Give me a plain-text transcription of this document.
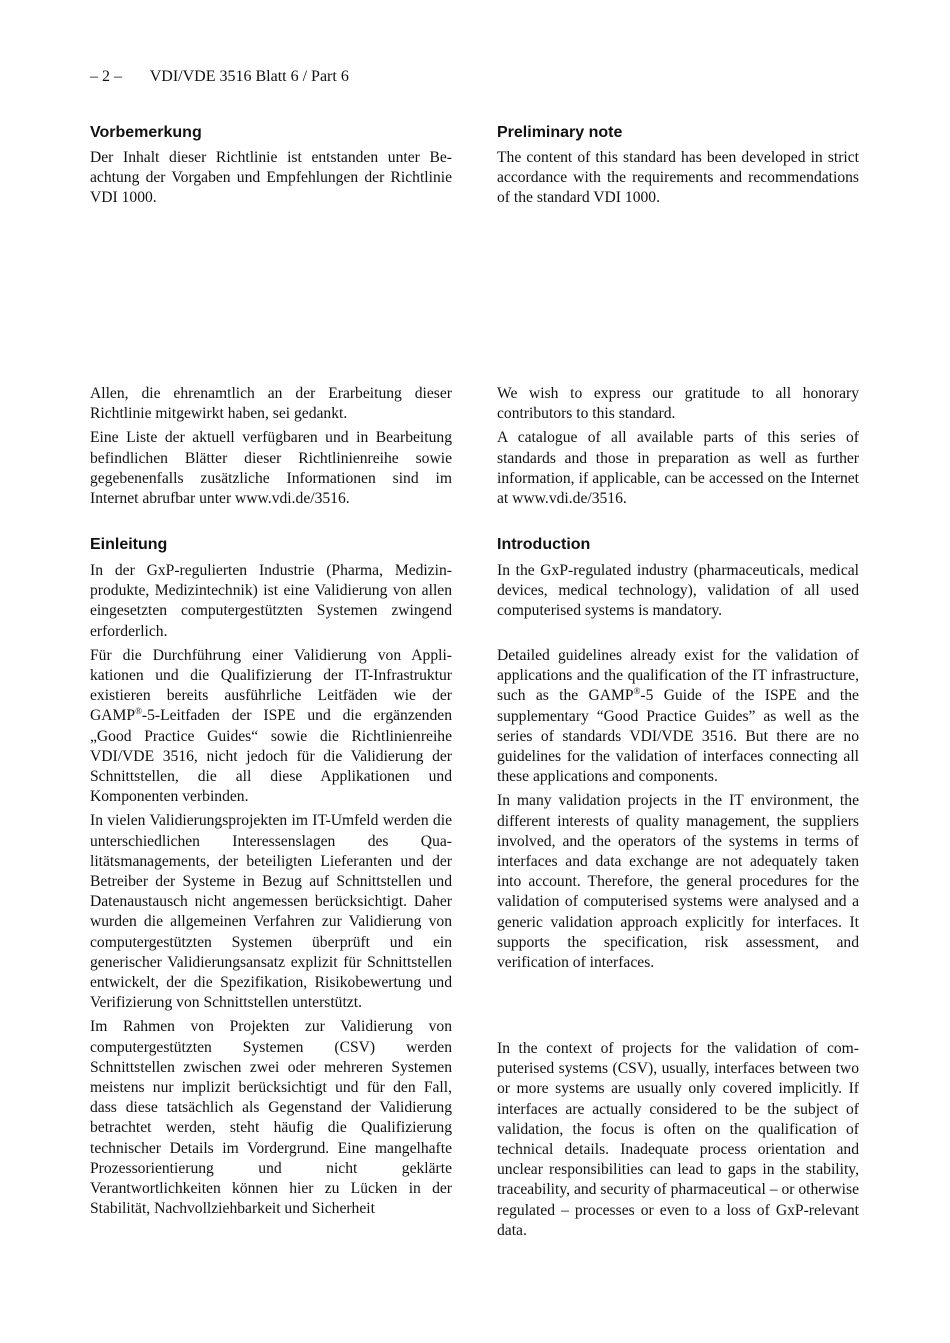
– 2 – VDI/VDE 3516 Blatt 6 / Part 6
Vorbemerkung

Der Inhalt dieser Richtlinie ist entstanden unter Beachtung der Vorgaben und Empfehlungen der Richtlinie VDI 1000.

Allen, die ehrenamtlich an der Erarbeitung dieser Richtlinie mitgewirkt haben, sei gedankt.

Eine Liste der aktuell verfügbaren und in Bearbeitung befindlichen Blätter dieser Richtlinienreihe sowie gegebenenfalls zusätzliche Informationen sind im Internet abrufbar unter www.vdi.de/3516.

Einleitung

In der GxP-regulierten Industrie (Pharma, Medizinprodukte, Medizintechnik) ist eine Validierung von allen eingesetzten computergestützten Systemen zwingend erforderlich.

Für die Durchführung einer Validierung von Applikationen und die Qualifizierung der IT-Infrastruktur existieren bereits ausführliche Leitfäden wie der GAMP®-5-Leitfaden der ISPE und die ergänzenden „Good Practice Guides“ sowie die Richtlinienreihe VDI/VDE 3516, nicht jedoch für die Validierung der Schnittstellen, die all diese Applikationen und Komponenten verbinden.

In vielen Validierungsprojekten im IT-Umfeld werden die unterschiedlichen Interessenslagen des Qualitätsmanagements, der beteiligten Lieferanten und der Betreiber der Systeme in Bezug auf Schnittstellen und Datenaustausch nicht angemessen berücksichtigt. Daher wurden die allgemeinen Verfahren zur Validierung von computergestützten Systemen überprüft und ein generischer Validierungsansatz explizit für Schnittstellen entwickelt, der die Spezifikation, Risikobewertung und Verifizierung von Schnittstellen unterstützt.

Im Rahmen von Projekten zur Validierung von computergestützten Systemen (CSV) werden Schnittstellen zwischen zwei oder mehreren Systemen meistens nur implizit berücksichtigt und für den Fall, dass diese tatsächlich als Gegenstand der Validierung betrachtet werden, steht häufig die Qualifizierung technischer Details im Vordergrund. Eine mangelhafte Prozessorientierung und nicht geklärte Verantwortlichkeiten können hier zu Lücken in der Stabilität, Nachvollziehbarkeit und Sicherheit

Preliminary note

The content of this standard has been developed in strict accordance with the requirements and recommendations of the standard VDI 1000.

We wish to express our gratitude to all honorary contributors to this standard.

A catalogue of all available parts of this series of standards and those in preparation as well as further information, if applicable, can be accessed on the Internet at www.vdi.de/3516.

Introduction

In the GxP-regulated industry (pharmaceuticals, medical devices, medical technology), validation of all used computerised systems is mandatory.

Detailed guidelines already exist for the validation of applications and the qualification of the IT infrastructure, such as the GAMP®-5 Guide of the ISPE and the supplementary “Good Practice Guides” as well as the series of standards VDI/VDE 3516. But there are no guidelines for the validation of interfaces connecting all these applications and components.

In many validation projects in the IT environment, the different interests of quality management, the suppliers involved, and the operators of the systems in terms of interfaces and data exchange are not adequately taken into account. Therefore, the general procedures for the validation of computerised systems were analysed and a generic validation approach explicitly for interfaces. It supports the specification, risk assessment, and verification of interfaces.

In the context of projects for the validation of computerised systems (CSV), usually, interfaces between two or more systems are usually only covered implicitly. If interfaces are actually considered to be the subject of validation, the focus is often on the qualification of technical details. Inadequate process orientation and unclear responsibilities can lead to gaps in the stability, traceability, and security of pharmaceutical – or otherwise regulated – processes or even to a loss of GxP-relevant data.
